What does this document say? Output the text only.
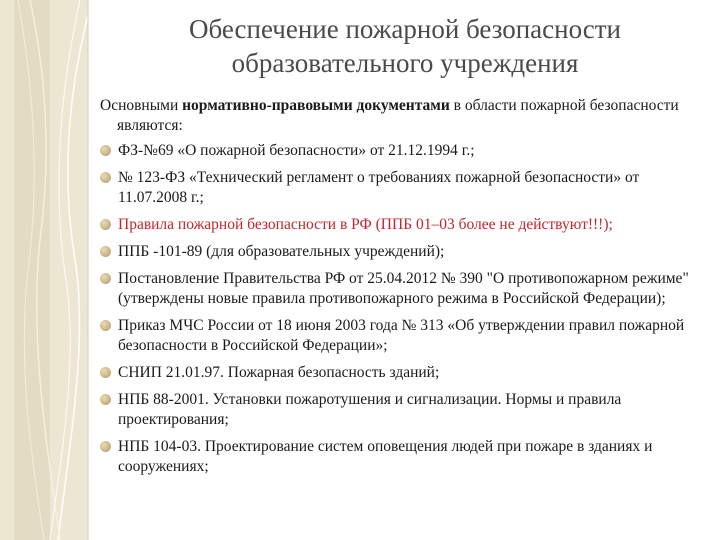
Обеспечение пожарной безопасности
образовательного учреждения
Основными нормативно-правовыми документами в области пожарной безопасности являются:
ФЗ-№69 «О пожарной безопасности» от 21.12.1994 г.;
№ 123-ФЗ «Технический регламент о требованиях пожарной безопасности» от 11.07.2008 г.;
Правила пожарной безопасности в РФ (ППБ 01–03 более не действуют!!!);
ППБ -101-89 (для образовательных учреждений);
Постановление Правительства РФ от 25.04.2012 № 390 "О противопожарном режиме" (утверждены новые правила противопожарного режима в Российской Федерации);
Приказ МЧС России от 18 июня 2003 года № 313 «Об утверждении правил пожарной безопасности в Российской Федерации»;
СНИП 21.01.97. Пожарная безопасность зданий;
НПБ 88-2001. Установки пожаротушения и сигнализации. Нормы и правила проектирования;
НПБ 104-03. Проектирование систем оповещения людей при пожаре в зданиях и сооружениях;
